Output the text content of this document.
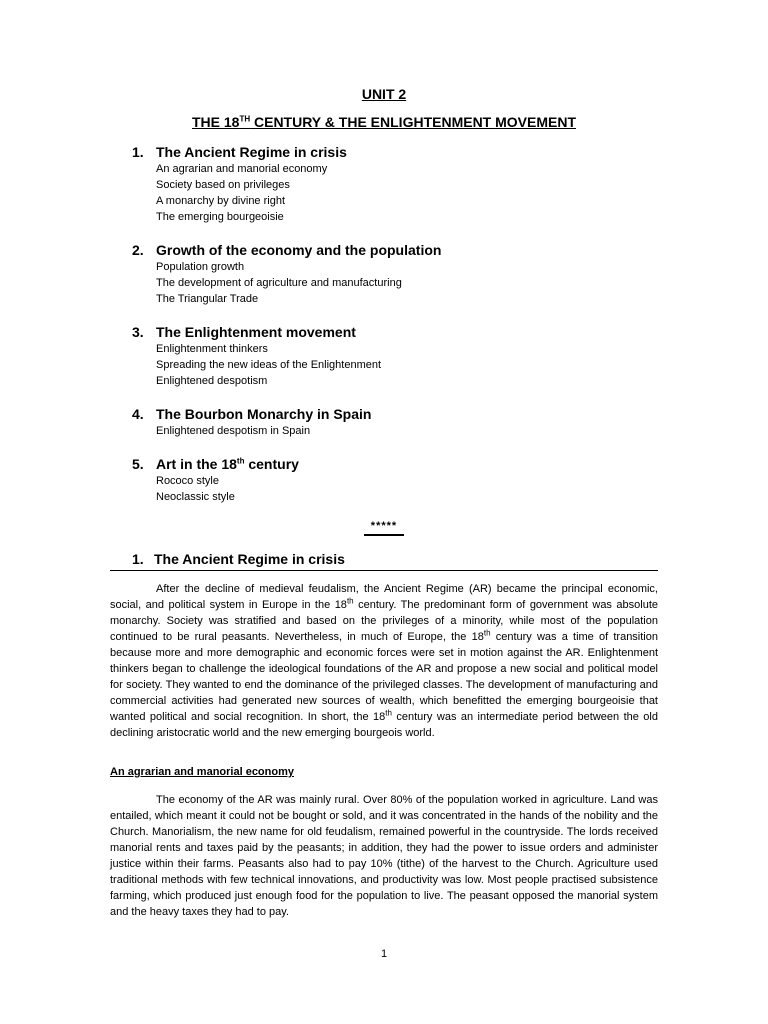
UNIT 2
THE 18TH CENTURY & THE ENLIGHTENMENT MOVEMENT
1. The Ancient Regime in crisis
An agrarian and manorial economy
Society based on privileges
A monarchy by divine right
The emerging bourgeoisie
2. Growth of the economy and the population
Population growth
The development of agriculture and manufacturing
The Triangular Trade
3. The Enlightenment movement
Enlightenment thinkers
Spreading the new ideas of the Enlightenment
Enlightened despotism
4. The Bourbon Monarchy in Spain
Enlightened despotism in Spain
5. Art in the 18th century
Rococo style
Neoclassic style
*****
1. The Ancient Regime in crisis
After the decline of medieval feudalism, the Ancient Regime (AR) became the principal economic, social, and political system in Europe in the 18th century. The predominant form of government was absolute monarchy. Society was stratified and based on the privileges of a minority, while most of the population continued to be rural peasants. Nevertheless, in much of Europe, the 18th century was a time of transition because more and more demographic and economic forces were set in motion against the AR. Enlightenment thinkers began to challenge the ideological foundations of the AR and propose a new social and political model for society. They wanted to end the dominance of the privileged classes. The development of manufacturing and commercial activities had generated new sources of wealth, which benefitted the emerging bourgeoisie that wanted political and social recognition. In short, the 18th century was an intermediate period between the old declining aristocratic world and the new emerging bourgeois world.
An agrarian and manorial economy
The economy of the AR was mainly rural. Over 80% of the population worked in agriculture. Land was entailed, which meant it could not be bought or sold, and it was concentrated in the hands of the nobility and the Church. Manorialism, the new name for old feudalism, remained powerful in the countryside. The lords received manorial rents and taxes paid by the peasants; in addition, they had the power to issue orders and administer justice within their farms. Peasants also had to pay 10% (tithe) of the harvest to the Church. Agriculture used traditional methods with few technical innovations, and productivity was low. Most people practised subsistence farming, which produced just enough food for the population to live. The peasant opposed the manorial system and the heavy taxes they had to pay.
1
